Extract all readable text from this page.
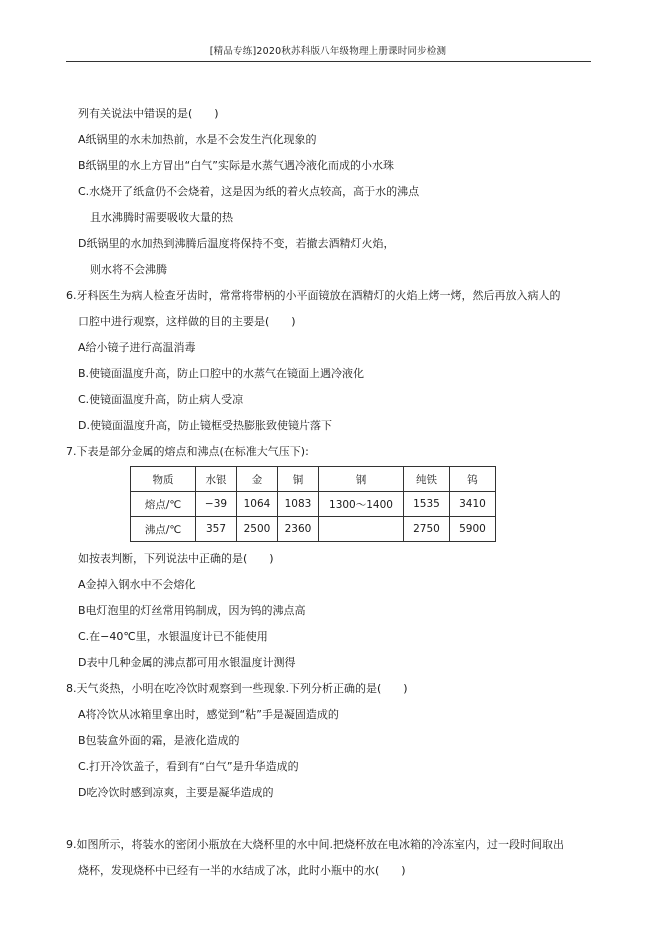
[精品专练]2020秋苏科版八年级物理上册课时同步检测
列有关说法中错误的是(　　)
A纸锅里的水未加热前，水是不会发生汽化现象的
B纸锅里的水上方冒出“白气”实际是水蒸气遇冷液化而成的小水珠
C.水烧开了纸盒仍不会烧着，这是因为纸的着火点较高，高于水的沸点
且水沸腾时需要吸收大量的热
D纸锅里的水加热到沸腾后温度将保持不变，若撤去酒精灯火焰，
则水将不会沸腾
6.牙科医生为病人检查牙齿时，常常将带柄的小平面镜放在酒精灯的火焰上烤一烤，然后再放入病人的
口腔中进行观察，这样做的目的主要是(　　)
A给小镜子进行高温消毒
B.使镜面温度升高，防止口腔中的水蒸气在镜面上遇冷液化
C.使镜面温度升高，防止病人受凉
D.使镜面温度升高，防止镜框受热膨胀致使镜片落下
7.下表是部分金属的熔点和沸点(在标准大气压下):
物质	水银	金	铜	钢	纯铁	钨
熔点/℃	−39	1064	1083	1300～1400	1535	3410
沸点/℃	357	2500	2360		2750	5900
如按表判断，下列说法中正确的是(　　)
A金掉入钢水中不会熔化
B电灯泡里的灯丝常用钨制成，因为钨的沸点高
C.在−40℃里，水银温度计已不能使用
D表中几种金属的沸点都可用水银温度计测得
8.天气炎热，小明在吃冷饮时观察到一些现象.下列分析正确的是(　　)
A将冷饮从冰箱里拿出时，感觉到“粘”手是凝固造成的
B包装盒外面的霜，是液化造成的
C.打开冷饮盖子，看到有“白气”是升华造成的
D吃冷饮时感到凉爽，主要是凝华造成的
9.如图所示，将装水的密闭小瓶放在大烧杯里的水中间.把烧杯放在电冰箱的冷冻室内，过一段时间取出
烧杯，发现烧杯中已经有一半的水结成了冰，此时小瓶中的水(　　)
